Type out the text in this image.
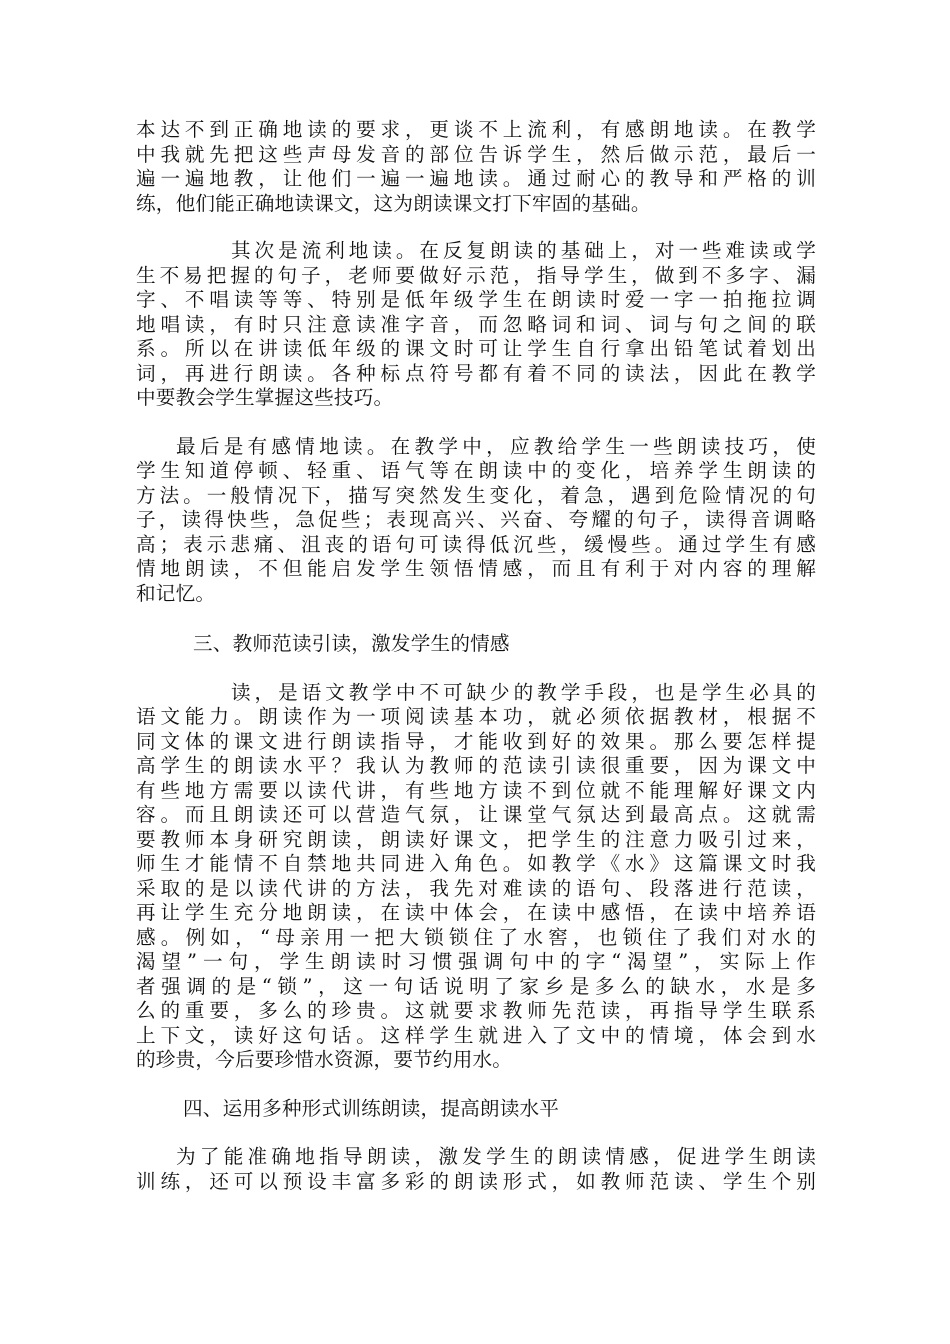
本达不到正确地读的要求，更谈不上流利，有感朗地读。在教学
中我就先把这些声母发音的部位告诉学生，然后做示范，最后一
遍一遍地教，让他们一遍一遍地读。通过耐心的教导和严格的训
练，他们能正确地读课文，这为朗读课文打下牢固的基础。
其次是流利地读。在反复朗读的基础上，对一些难读或学
生不易把握的句子，老师要做好示范，指导学生，做到不多字、漏
字、不唱读等等、特别是低年级学生在朗读时爱一字一拍拖拉调
地唱读，有时只注意读准字音，而忽略词和词、词与句之间的联
系。所以在讲读低年级的课文时可让学生自行拿出铅笔试着划出
词，再进行朗读。各种标点符号都有着不同的读法，因此在教学
中要教会学生掌握这些技巧。
最后是有感情地读。在教学中，应教给学生一些朗读技巧，使
学生知道停顿、轻重、语气等在朗读中的变化，培养学生朗读的
方法。一般情况下，描写突然发生变化，着急，遇到危险情况的句
子，读得快些，急促些；表现高兴、兴奋、夸耀的句子，读得音调略
高；表示悲痛、沮丧的语句可读得低沉些，缓慢些。通过学生有感
情地朗读，不但能启发学生领悟情感，而且有利于对内容的理解
和记忆。
三、教师范读引读，激发学生的情感
读，是语文教学中不可缺少的教学手段，也是学生必具的
语文能力。朗读作为一项阅读基本功，就必须依据教材，根据不
同文体的课文进行朗读指导，才能收到好的效果。那么要怎样提
高学生的朗读水平？我认为教师的范读引读很重要，因为课文中
有些地方需要以读代讲，有些地方读不到位就不能理解好课文内
容。而且朗读还可以营造气氛，让课堂气氛达到最高点。这就需
要教师本身研究朗读，朗读好课文，把学生的注意力吸引过来，
师生才能情不自禁地共同进入角色。如教学《水》这篇课文时我
采取的是以读代讲的方法，我先对难读的语句、段落进行范读，
再让学生充分地朗读，在读中体会，在读中感悟，在读中培养语
感。例如，“母亲用一把大锁锁住了水窖，也锁住了我们对水的
渴望”一句，学生朗读时习惯强调句中的字“渴望”，实际上作
者强调的是“锁”，这一句话说明了家乡是多么的缺水，水是多
么的重要，多么的珍贵。这就要求教师先范读，再指导学生联系
上下文，读好这句话。这样学生就进入了文中的情境，体会到水
的珍贵，今后要珍惜水资源，要节约用水。
四、运用多种形式训练朗读，提高朗读水平
为了能准确地指导朗读，激发学生的朗读情感，促进学生朗读
训练，还可以预设丰富多彩的朗读形式，如教师范读、学生个别
